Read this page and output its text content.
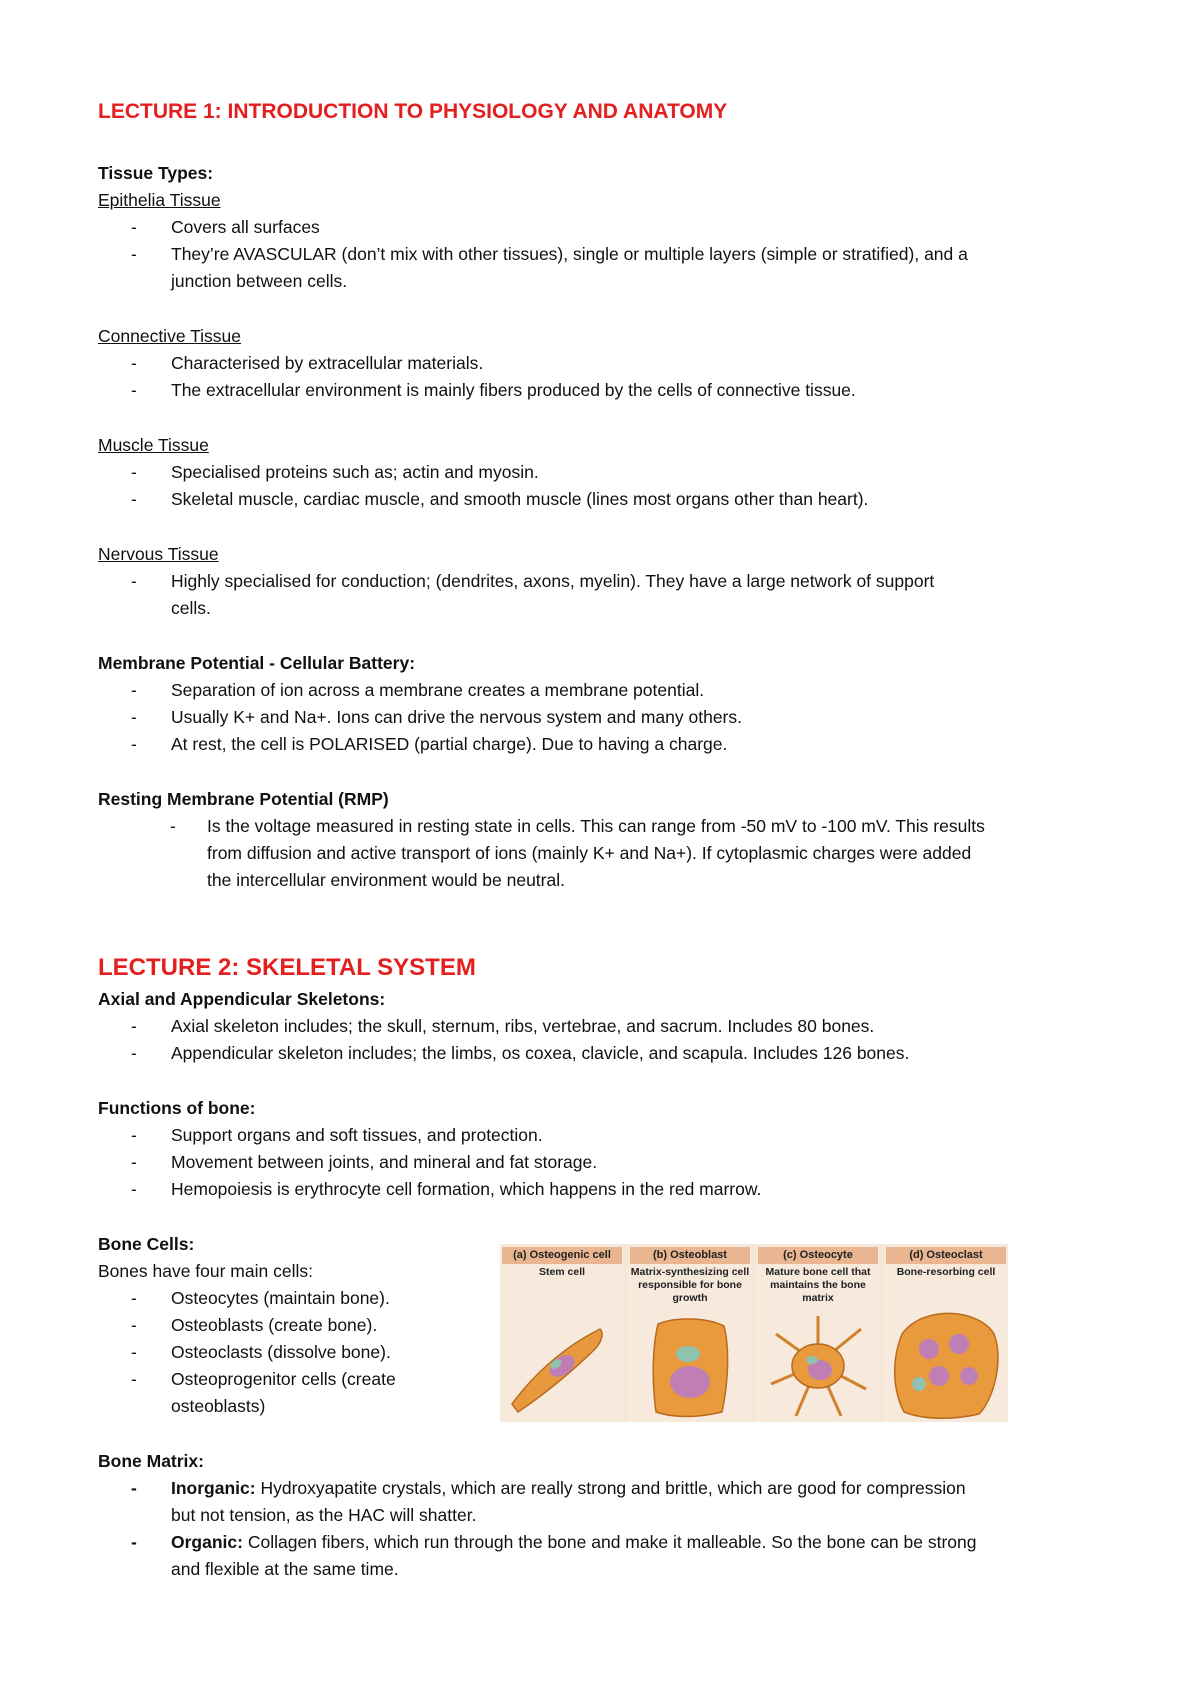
LECTURE 1: INTRODUCTION TO PHYSIOLOGY AND ANATOMY
Tissue Types:
Epithelia Tissue
- Covers all surfaces
- They’re AVASCULAR (don’t mix with other tissues), single or multiple layers (simple or stratified), and a
junction between cells.
Connective Tissue
- Characterised by extracellular materials.
- The extracellular environment is mainly fibers produced by the cells of connective tissue.
Muscle Tissue
- Specialised proteins such as; actin and myosin.
- Skeletal muscle, cardiac muscle, and smooth muscle (lines most organs other than heart).
Nervous Tissue
- Highly specialised for conduction; (dendrites, axons, myelin). They have a large network of support
cells.
Membrane Potential - Cellular Battery:
- Separation of ion across a membrane creates a membrane potential.
- Usually K+ and Na+. Ions can drive the nervous system and many others.
- At rest, the cell is POLARISED (partial charge). Due to having a charge.
Resting Membrane Potential (RMP)
- Is the voltage measured in resting state in cells. This can range from -50 mV to -100 mV. This results
from diffusion and active transport of ions (mainly K+ and Na+). If cytoplasmic charges were added
the intercellular environment would be neutral.
LECTURE 2: SKELETAL SYSTEM
Axial and Appendicular Skeletons:
- Axial skeleton includes; the skull, sternum, ribs, vertebrae, and sacrum. Includes 80 bones.
- Appendicular skeleton includes; the limbs, os coxea, clavicle, and scapula. Includes 126 bones.
Functions of bone:
- Support organs and soft tissues, and protection.
- Movement between joints, and mineral and fat storage.
- Hemopoiesis is erythrocyte cell formation, which happens in the red marrow.
Bone Cells:
Bones have four main cells:
- Osteocytes (maintain bone).
- Osteoblasts (create bone).
- Osteoclasts (dissolve bone).
- Osteoprogenitor cells (create
osteoblasts)
(a) Osteogenic cell
Stem cell
(b) Osteoblast
Matrix-synthesizing cell responsible for bone growth
(c) Osteocyte
Mature bone cell that maintains the bone matrix
(d) Osteoclast
Bone-resorbing cell
Bone Matrix:
- Inorganic: Hydroxyapatite crystals, which are really strong and brittle, which are good for compression
but not tension, as the HAC will shatter.
- Organic: Collagen fibers, which run through the bone and make it malleable. So the bone can be strong
and flexible at the same time.
